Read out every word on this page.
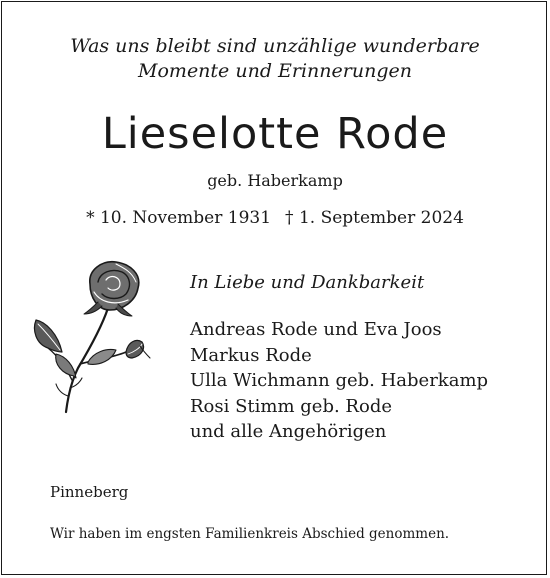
Was uns bleibt sind unzählige wunderbare
Momente und Erinnerungen
Lieselotte Rode
geb. Haberkamp
* 10. November 1931 † 1. September 2024
In Liebe und Dankbarkeit
Andreas Rode und Eva Joos
Markus Rode
Ulla Wichmann geb. Haberkamp
Rosi Stimm geb. Rode
und alle Angehörigen
Pinneberg
Wir haben im engsten Familienkreis Abschied genommen.
